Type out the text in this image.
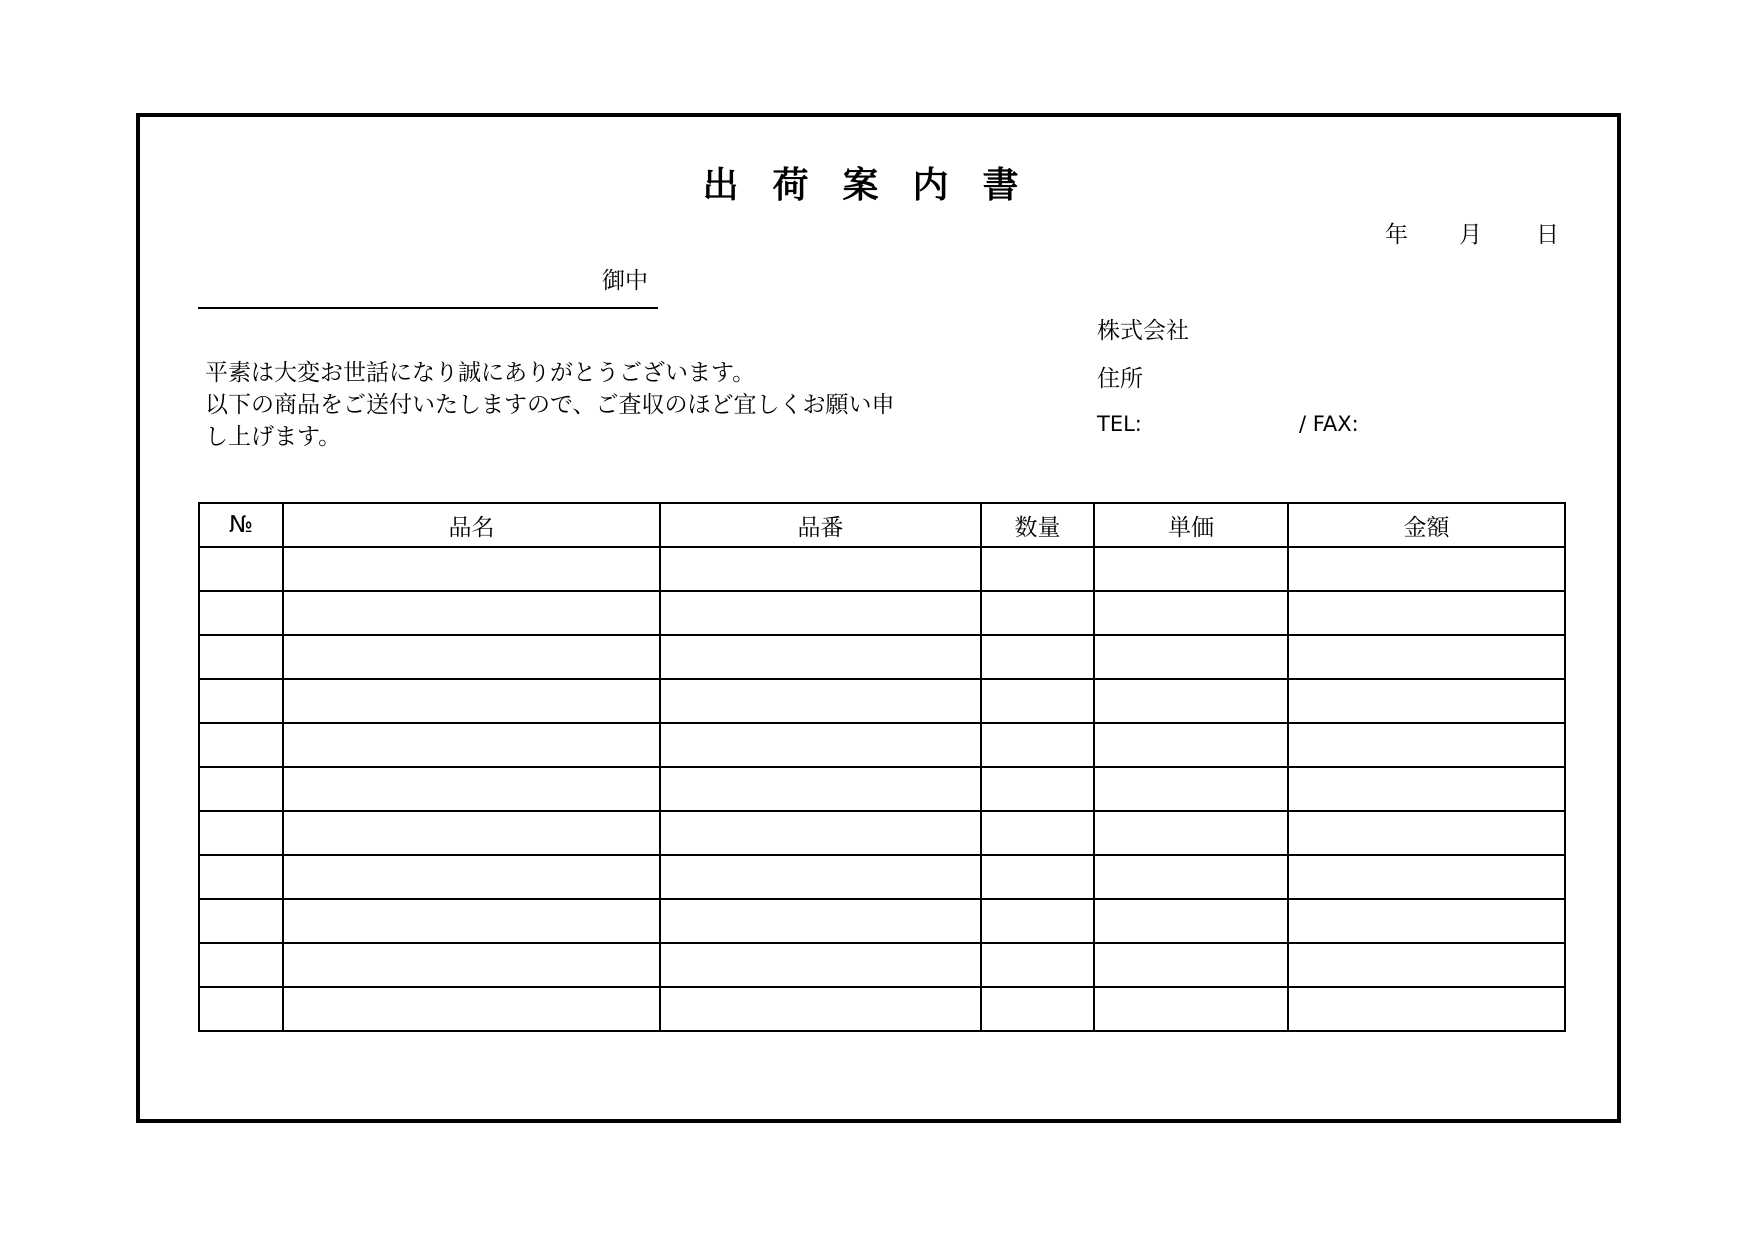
出荷案内書
年 月 日
御中
平素は大変お世話になり誠にありがとうございます。
以下の商品をご送付いたしますので、ご査収のほど宜しくお願い申
し上げます。
株式会社
住所
TEL:	/ FAX:
№	品名	品番	数量	単価	金額
